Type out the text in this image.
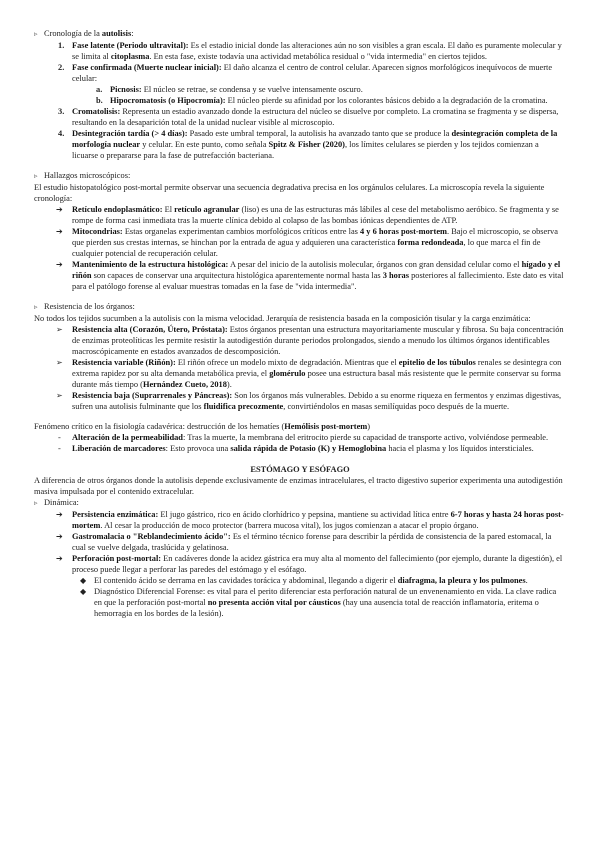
▹ Cronología de la autolisis:

1. Fase latente (Periodo ultravital): Es el estadio inicial donde las alteraciones aún no son visibles a gran escala. El daño es puramente molecular y se limita al citoplasma. En esta fase, existe todavía una actividad metabólica residual o "vida intermedia" en ciertos tejidos.
2. Fase confirmada (Muerte nuclear inicial): El daño alcanza el centro de control celular. Aparecen signos morfológicos inequívocos de muerte celular:
a. Picnosis: El núcleo se retrae, se condensa y se vuelve intensamente oscuro.
b. Hipocromatosis (o Hipocromía): El núcleo pierde su afinidad por los colorantes básicos debido a la degradación de la cromatina.
3. Cromatolisis: Representa un estadio avanzado donde la estructura del núcleo se disuelve por completo. La cromatina se fragmenta y se dispersa, resultando en la desaparición total de la unidad nuclear visible al microscopio.
4. Desintegración tardía (> 4 días): Pasado este umbral temporal, la autolisis ha avanzado tanto que se produce la desintegración completa de la morfología nuclear y celular. En este punto, como señala Spitz & Fisher (2020), los límites celulares se pierden y los tejidos comienzan a licuarse o prepararse para la fase de putrefacción bacteriana.

▹ Hallazgos microscópicos:

El estudio histopatológico post-mortal permite observar una secuencia degradativa precisa en los orgánulos celulares. La microscopía revela la siguiente cronología:

➔ Retículo endoplasmático: El retículo agranular (liso) es una de las estructuras más lábiles al cese del metabolismo aeróbico. Se fragmenta y se rompe de forma casi inmediata tras la muerte clínica debido al colapso de las bombas iónicas dependientes de ATP.
➔ Mitocondrias: Estas organelas experimentan cambios morfológicos críticos entre las 4 y 6 horas post-mortem. Bajo el microscopio, se observa que pierden sus crestas internas, se hinchan por la entrada de agua y adquieren una característica forma redondeada, lo que marca el fin de cualquier potencial de recuperación celular.
➔ Mantenimiento de la estructura histológica: A pesar del inicio de la autolisis molecular, órganos con gran densidad celular como el hígado y el riñón son capaces de conservar una arquitectura histológica aparentemente normal hasta las 3 horas posteriores al fallecimiento. Este dato es vital para el patólogo forense al evaluar muestras tomadas en la fase de "vida intermedia".

▹ Resistencia de los órganos:

No todos los tejidos sucumben a la autolisis con la misma velocidad. Jerarquía de resistencia basada en la composición tisular y la carga enzimática:

➢ Resistencia alta (Corazón, Útero, Próstata): Estos órganos presentan una estructura mayoritariamente muscular y fibrosa. Su baja concentración de enzimas proteolíticas les permite resistir la autodigestión durante periodos prolongados, siendo a menudo los últimos órganos identificables macroscópicamente en estados avanzados de descomposición.
➢ Resistencia variable (Riñón): El riñón ofrece un modelo mixto de degradación. Mientras que el epitelio de los túbulos renales se desintegra con extrema rapidez por su alta demanda metabólica previa, el glomérulo posee una estructura basal más resistente que le permite conservar su forma durante más tiempo (Hernández Cueto, 2018).
➢ Resistencia baja (Suprarrenales y Páncreas): Son los órganos más vulnerables. Debido a su enorme riqueza en fermentos y enzimas digestivas, sufren una autolisis fulminante que los fluidifica precozmente, convirtiéndolos en masas semilíquidas poco después de la muerte.

Fenómeno crítico en la fisiología cadavérica: destrucción de los hematíes (Hemólisis post-mortem)

- Alteración de la permeabilidad: Tras la muerte, la membrana del eritrocito pierde su capacidad de transporte activo, volviéndose permeable.
- Liberación de marcadores: Esto provoca una salida rápida de Potasio (K) y Hemoglobina hacia el plasma y los líquidos intersticiales.

ESTÓMAGO Y ESÓFAGO

A diferencia de otros órganos donde la autolisis depende exclusivamente de enzimas intracelulares, el tracto digestivo superior experimenta una autodigestión masiva impulsada por el contenido extracelular.

▹ Dinámica:

➔ Persistencia enzimática: El jugo gástrico, rico en ácido clorhídrico y pepsina, mantiene su actividad lítica entre 6-7 horas y hasta 24 horas post-mortem. Al cesar la producción de moco protector (barrera mucosa vital), los jugos comienzan a atacar el propio órgano.
➔ Gastromalacia o "Reblandecimiento ácido": Es el término técnico forense para describir la pérdida de consistencia de la pared estomacal, la cual se vuelve delgada, traslúcida y gelatinosa.
➔ Perforación post-mortal: En cadáveres donde la acidez gástrica era muy alta al momento del fallecimiento (por ejemplo, durante la digestión), el proceso puede llegar a perforar las paredes del estómago y el esófago.
◆ El contenido ácido se derrama en las cavidades torácica y abdominal, llegando a digerir el diafragma, la pleura y los pulmones.
◆ Diagnóstico Diferencial Forense: es vital para el perito diferenciar esta perforación natural de un envenenamiento en vida. La clave radica en que la perforación post-mortal no presenta acción vital por cáusticos (hay una ausencia total de reacción inflamatoria, eritema o hemorragia en los bordes de la lesión).
